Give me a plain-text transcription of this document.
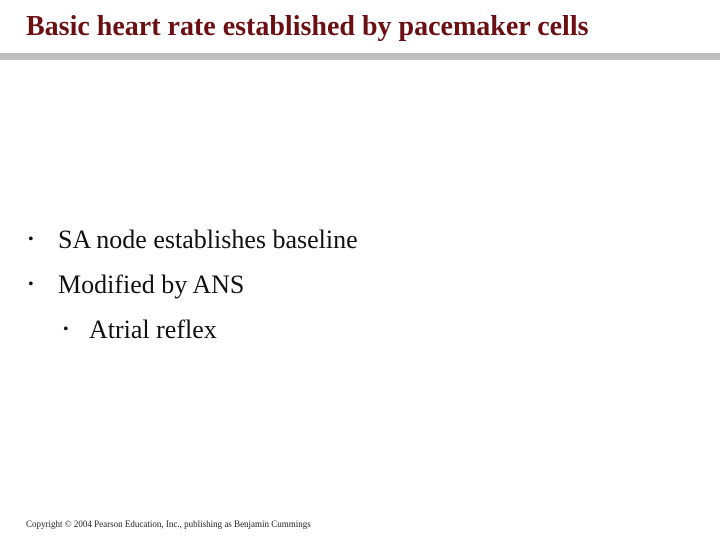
Basic heart rate established by pacemaker cells
• SA node establishes baseline
• Modified by ANS
• Atrial reflex
Copyright © 2004 Pearson Education, Inc., publishing as Benjamin Cummings
